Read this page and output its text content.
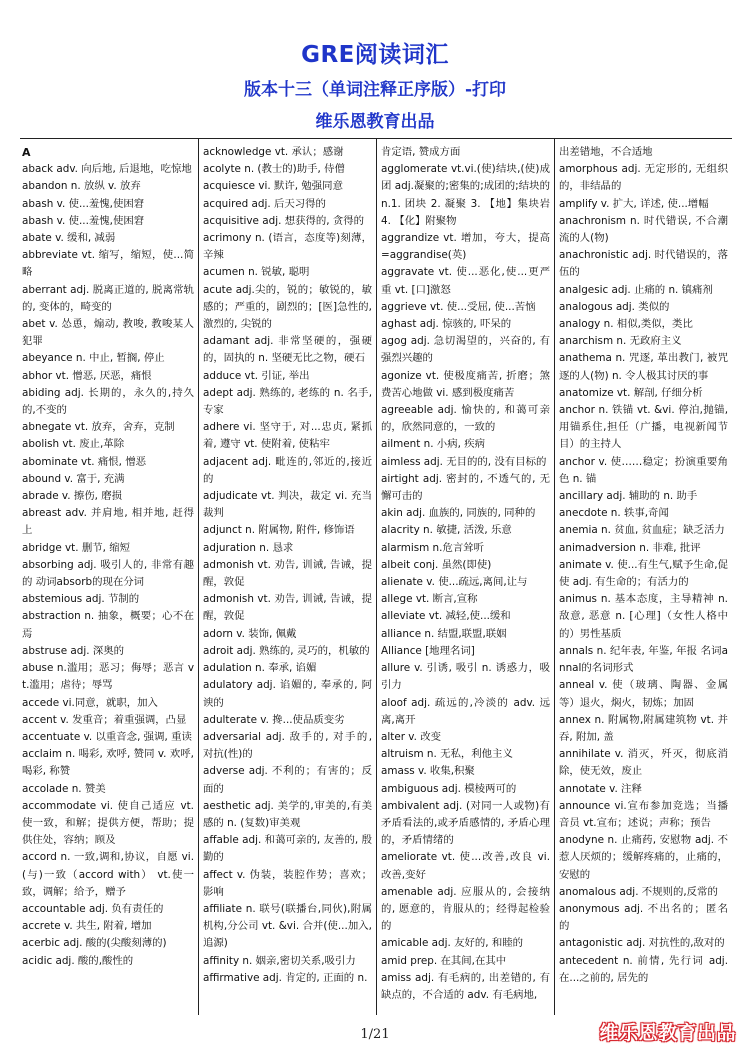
GRE阅读词汇
版本十三（单词注释正序版）-打印
维乐恩教育出品
A
aback adv. 向后地, 后退地，吃惊地
abandon n. 放纵 v. 放弃
abash v. 使...羞愧,使困窘
abash v. 使...羞愧,使困窘
abate v. 缓和, 减弱
abbreviate vt. 缩写，缩短，使...简略
aberrant adj. 脱离正道的, 脱离常轨的, 变体的，畸变的
abet v. 怂恿，煽动, 教唆, 教唆某人犯罪
abeyance n. 中止, 暂搁, 停止
abhor vt. 憎恶, 厌恶，痛恨
abiding adj. 长期的，永久的,持久的,不变的
abnegate vt. 放弃，舍弃，克制
abolish vt. 废止,革除
abominate vt. 痛恨, 憎恶
abound v. 富于, 充满
abrade v. 擦伤, 磨损
abreast adv. 并肩地, 相并地, 赶得上
abridge vt. 删节, 缩短
absorbing adj. 吸引人的, 非常有趣的 动词absorb的现在分词
abstemious adj. 节制的
abstraction n. 抽象，概要；心不在焉
abstruse adj. 深奥的
abuse n.滥用；恶习；侮辱；恶言 vt.滥用；虐待；辱骂
accede vi.同意，就职，加入
accent v. 发重音；着重强调，凸显
accentuate v. 以重音念, 强调, 重读
acclaim n. 喝彩, 欢呼, 赞同 v. 欢呼, 喝彩, 称赞
accolade n. 赞美
accommodate vi. 使自己适应 vt. 使一致，和解；提供方便，帮助；提供住处，容纳；顾及
accord n. 一致,调和,协议，自愿 vi. (与)一致（accord with） vt.使一致，调解；给予，赠予
accountable adj. 负有责任的
accrete v. 共生, 附着, 增加
acerbic adj. 酸的(尖酸刻薄的)
acidic adj. 酸的,酸性的
acknowledge vt. 承认；感谢
acolyte n. (教士的)助手, 侍僧
acquiesce vi. 默许, 勉强同意
acquired adj. 后天习得的
acquisitive adj. 想获得的, 贪得的
acrimony n. (语言，态度等)刻薄，辛辣
acumen n. 锐敏, 聪明
acute adj.尖的，锐的；敏锐的，敏感的；严重的，剧烈的；[医]急性的, 激烈的, 尖锐的
adamant adj. 非常坚硬的，强硬的，固执的 n. 坚硬无比之物，硬石
adduce vt. 引证, 举出
adept adj. 熟练的, 老练的 n. 名手, 专家
adhere vi. 坚守于, 对...忠贞, 紧抓着, 遵守 vt. 使附着, 使粘牢
adjacent adj. 毗连的,邻近的,接近的
adjudicate vt. 判决，裁定 vi. 充当裁判
adjunct n. 附属物, 附件, 修饰语
adjuration n. 恳求
admonish vt. 劝告, 训诫, 告诫，提醒，敦促
admonish vt. 劝告, 训诫, 告诫，提醒，敦促
adorn v. 装饰, 佩戴
adroit adj. 熟练的, 灵巧的，机敏的
adulation n. 奉承, 谄媚
adulatory adj. 谄媚的, 奉承的, 阿谀的
adulterate v. 搀...使品质变劣
adversarial adj. 敌手的, 对手的, 对抗(性)的
adverse adj. 不利的；有害的；反面的
aesthetic adj. 美学的,审美的,有美感的 n. (复数)审美观
affable adj. 和蔼可亲的, 友善的, 殷勤的
affect v. 伪装，装腔作势；喜欢；影响
affiliate n. 联号(联播台,同伙),附属机构,分公司 vt. &vi. 合并(使...加入,追源)
affinity n. 姻亲,密切关系,吸引力
affirmative adj. 肯定的, 正面的 n.
肯定语, 赞成方面
agglomerate vt.vi.(使)结块,(使)成团 adj.凝聚的;密集的;成团的;结块的 n.1. 团块 2. 凝聚 3. 【地】集块岩 4. 【化】附聚物
aggrandize vt. 增加，夸大，提高=aggrandise(英)
aggravate vt. 使...恶化,使...更严重 vt. [口]激怒
aggrieve vt. 使...受屈, 使...苦恼
aghast adj. 惊骇的, 吓呆的
agog adj. 急切渴望的，兴奋的, 有强烈兴趣的
agonize vt. 使极度痛苦, 折磨；煞费苦心地做 vi. 感到极度痛苦
agreeable adj. 愉快的, 和蔼可亲的，欣然同意的，一致的
ailment n. 小病, 疾病
aimless adj. 无目的的, 没有目标的
airtight adj. 密封的, 不透气的, 无懈可击的
akin adj. 血族的, 同族的, 同种的
alacrity n. 敏捷, 活泼, 乐意
alarmism n.危言耸听
albeit conj. 虽然(即使)
alienate v. 使...疏远,离间,让与
allege vt. 断言,宣称
alleviate vt. 减轻,使...缓和
alliance n. 结盟,联盟,联姻
Alliance [地理名词]
allure v. 引诱, 吸引 n. 诱惑力，吸引力
aloof adj. 疏远的,冷淡的 adv. 远离,离开
alter v. 改变
altruism n. 无私，利他主义
amass v. 收集,积聚
ambiguous adj. 模棱两可的
ambivalent adj. (对同一人或物)有矛盾看法的,或矛盾感情的, 矛盾心理的，矛盾情绪的
ameliorate vt. 使...改善,改良 vi. 改善,变好
amenable adj. 应服从的, 会接纳的, 愿意的，肯服从的；经得起检验的
amicable adj. 友好的, 和睦的
amid prep. 在其间,在其中
amiss adj. 有毛病的, 出差错的, 有缺点的，不合适的 adv. 有毛病地,
出差错地，不合适地
amorphous adj. 无定形的, 无组织的，非结晶的
amplify v. 扩大, 详述, 使...增幅
anachronism n. 时代错误, 不合潮流的人(物)
anachronistic adj. 时代错误的，落伍的
analgesic adj. 止痛的 n. 镇痛剂
analogous adj. 类似的
analogy n. 相似,类似，类比
anarchism n. 无政府主义
anathema n. 咒逐, 革出教门, 被咒逐的人(物) n. 令人极其讨厌的事
anatomize vt. 解剖, 仔细分析
anchor n. 铁锚 vt. &vi. 停泊,抛锚,用锚系住,担任（广播，电视新闻节目）的主持人
anchor v. 使……稳定；扮演重要角色 n. 锚
ancillary adj. 辅助的 n. 助手
anecdote n. 轶事,奇闻
anemia n. 贫血, 贫血症；缺乏活力
animadversion n. 非难, 批评
animate v. 使...有生气,赋予生命,促使 adj. 有生命的；有活力的
animus n. 基本态度，主导精神 n. 敌意, 恶意 n. [心理]（女性人格中的）男性基质
annals n. 纪年表, 年鉴, 年报 名词annal的名词形式
anneal v. 使（玻璃、陶器、金属等）退火，焖火，韧炼；加固
annex n. 附属物,附属建筑物 vt. 并吞, 附加, 盖
annihilate v. 消灭，歼灭，彻底消除，使无效，废止
annotate v. 注释
announce vi.宣布参加竞选；当播音员 vt.宣布；述说；声称；预告
anodyne n. 止痛药, 安慰物 adj. 不惹人厌烦的；缓解疼痛的，止痛的，安慰的
anomalous adj. 不规则的,反常的
anonymous adj. 不出名的；匿名的
antagonistic adj. 对抗性的,敌对的
antecedent n. 前情, 先行词 adj. 在...之前的, 居先的
1/21	维乐恩教育出品
